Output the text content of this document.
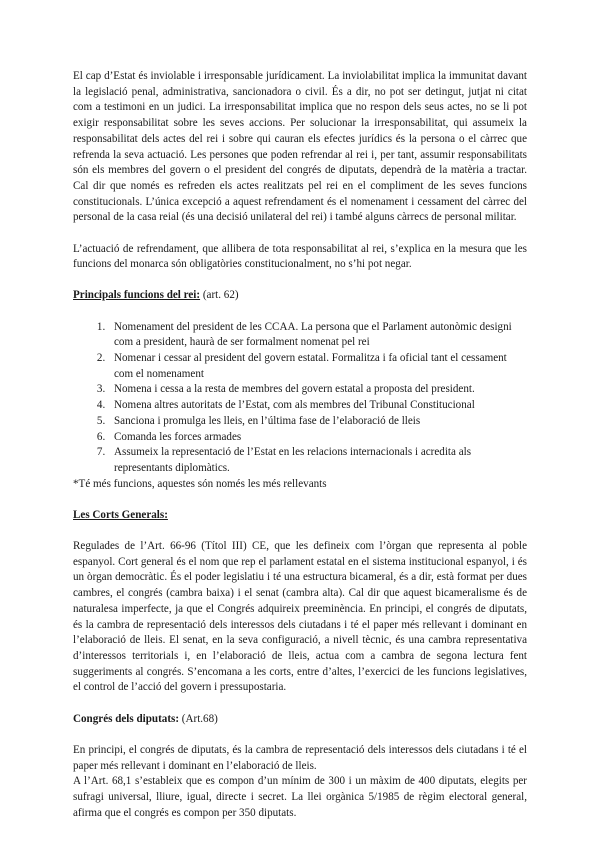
El cap d’Estat és inviolable i irresponsable jurídicament. La inviolabilitat implica la immunitat davant la legislació penal, administrativa, sancionadora o civil. És a dir, no pot ser detingut, jutjat ni citat com a testimoni en un judici. La irresponsabilitat implica que no respon dels seus actes, no se li pot exigir responsabilitat sobre les seves accions. Per solucionar la irresponsabilitat, qui assumeix la responsabilitat dels actes del rei i sobre qui cauran els efectes jurídics és la persona o el càrrec que refrenda la seva actuació. Les persones que poden refrendar al rei i, per tant, assumir responsabilitats són els membres del govern o el president del congrés de diputats, dependrà de la matèria a tractar. Cal dir que només es refreden els actes realitzats pel rei en el compliment de les seves funcions constitucionals. L’única excepció a aquest refrendament és el nomenament i cessament del càrrec del personal de la casa reial (és una decisió unilateral del rei) i també alguns càrrecs de personal militar.

L’actuació de refrendament, que allibera de tota responsabilitat al rei, s’explica en la mesura que les funcions del monarca són obligatòries constitucionalment, no s’hi pot negar.

Principals funcions del rei: (art. 62)

1. Nomenament del president de les CCAA. La persona que el Parlament autonòmic designi com a president, haurà de ser formalment nomenat pel rei
2. Nomenar i cessar al president del govern estatal. Formalitza i fa oficial tant el cessament com el nomenament
3. Nomena i cessa a la resta de membres del govern estatal a proposta del president.
4. Nomena altres autoritats de l’Estat, com als membres del Tribunal Constitucional
5. Sanciona i promulga les lleis, en l’última fase de l’elaboració de lleis
6. Comanda les forces armades
7. Assumeix la representació de l’Estat en les relacions internacionals i acredita als representants diplomàtics.

*Té més funcions, aquestes són només les més rellevants

Les Corts Generals:

Regulades de l’Art. 66-96 (Títol III) CE, que les defineix com l’òrgan que representa al poble espanyol. Cort general és el nom que rep el parlament estatal en el sistema institucional espanyol, i és un òrgan democràtic. És el poder legislatiu i té una estructura bicameral, és a dir, està format per dues cambres, el congrés (cambra baixa) i el senat (cambra alta). Cal dir que aquest bicameralisme és de naturalesa imperfecte, ja que el Congrés adquireix preeminència. En principi, el congrés de diputats, és la cambra de representació dels interessos dels ciutadans i té el paper més rellevant i dominant en l’elaboració de lleis. El senat, en la seva configuració, a nivell tècnic, és una cambra representativa d’interessos territorials i, en l’elaboració de lleis, actua com a cambra de segona lectura fent suggeriments al congrés. S’encomana a les corts, entre d’altes, l’exercici de les funcions legislatives, el control de l’acció del govern i pressupostaria.

Congrés dels diputats: (Art.68)

En principi, el congrés de diputats, és la cambra de representació dels interessos dels ciutadans i té el paper més rellevant i dominant en l’elaboració de lleis.

A l’Art. 68,1 s’estableix que es compon d’un mínim de 300 i un màxim de 400 diputats, elegits per sufragi universal, lliure, igual, directe i secret. La llei orgànica 5/1985 de règim electoral general, afirma que el congrés es compon per 350 diputats.
